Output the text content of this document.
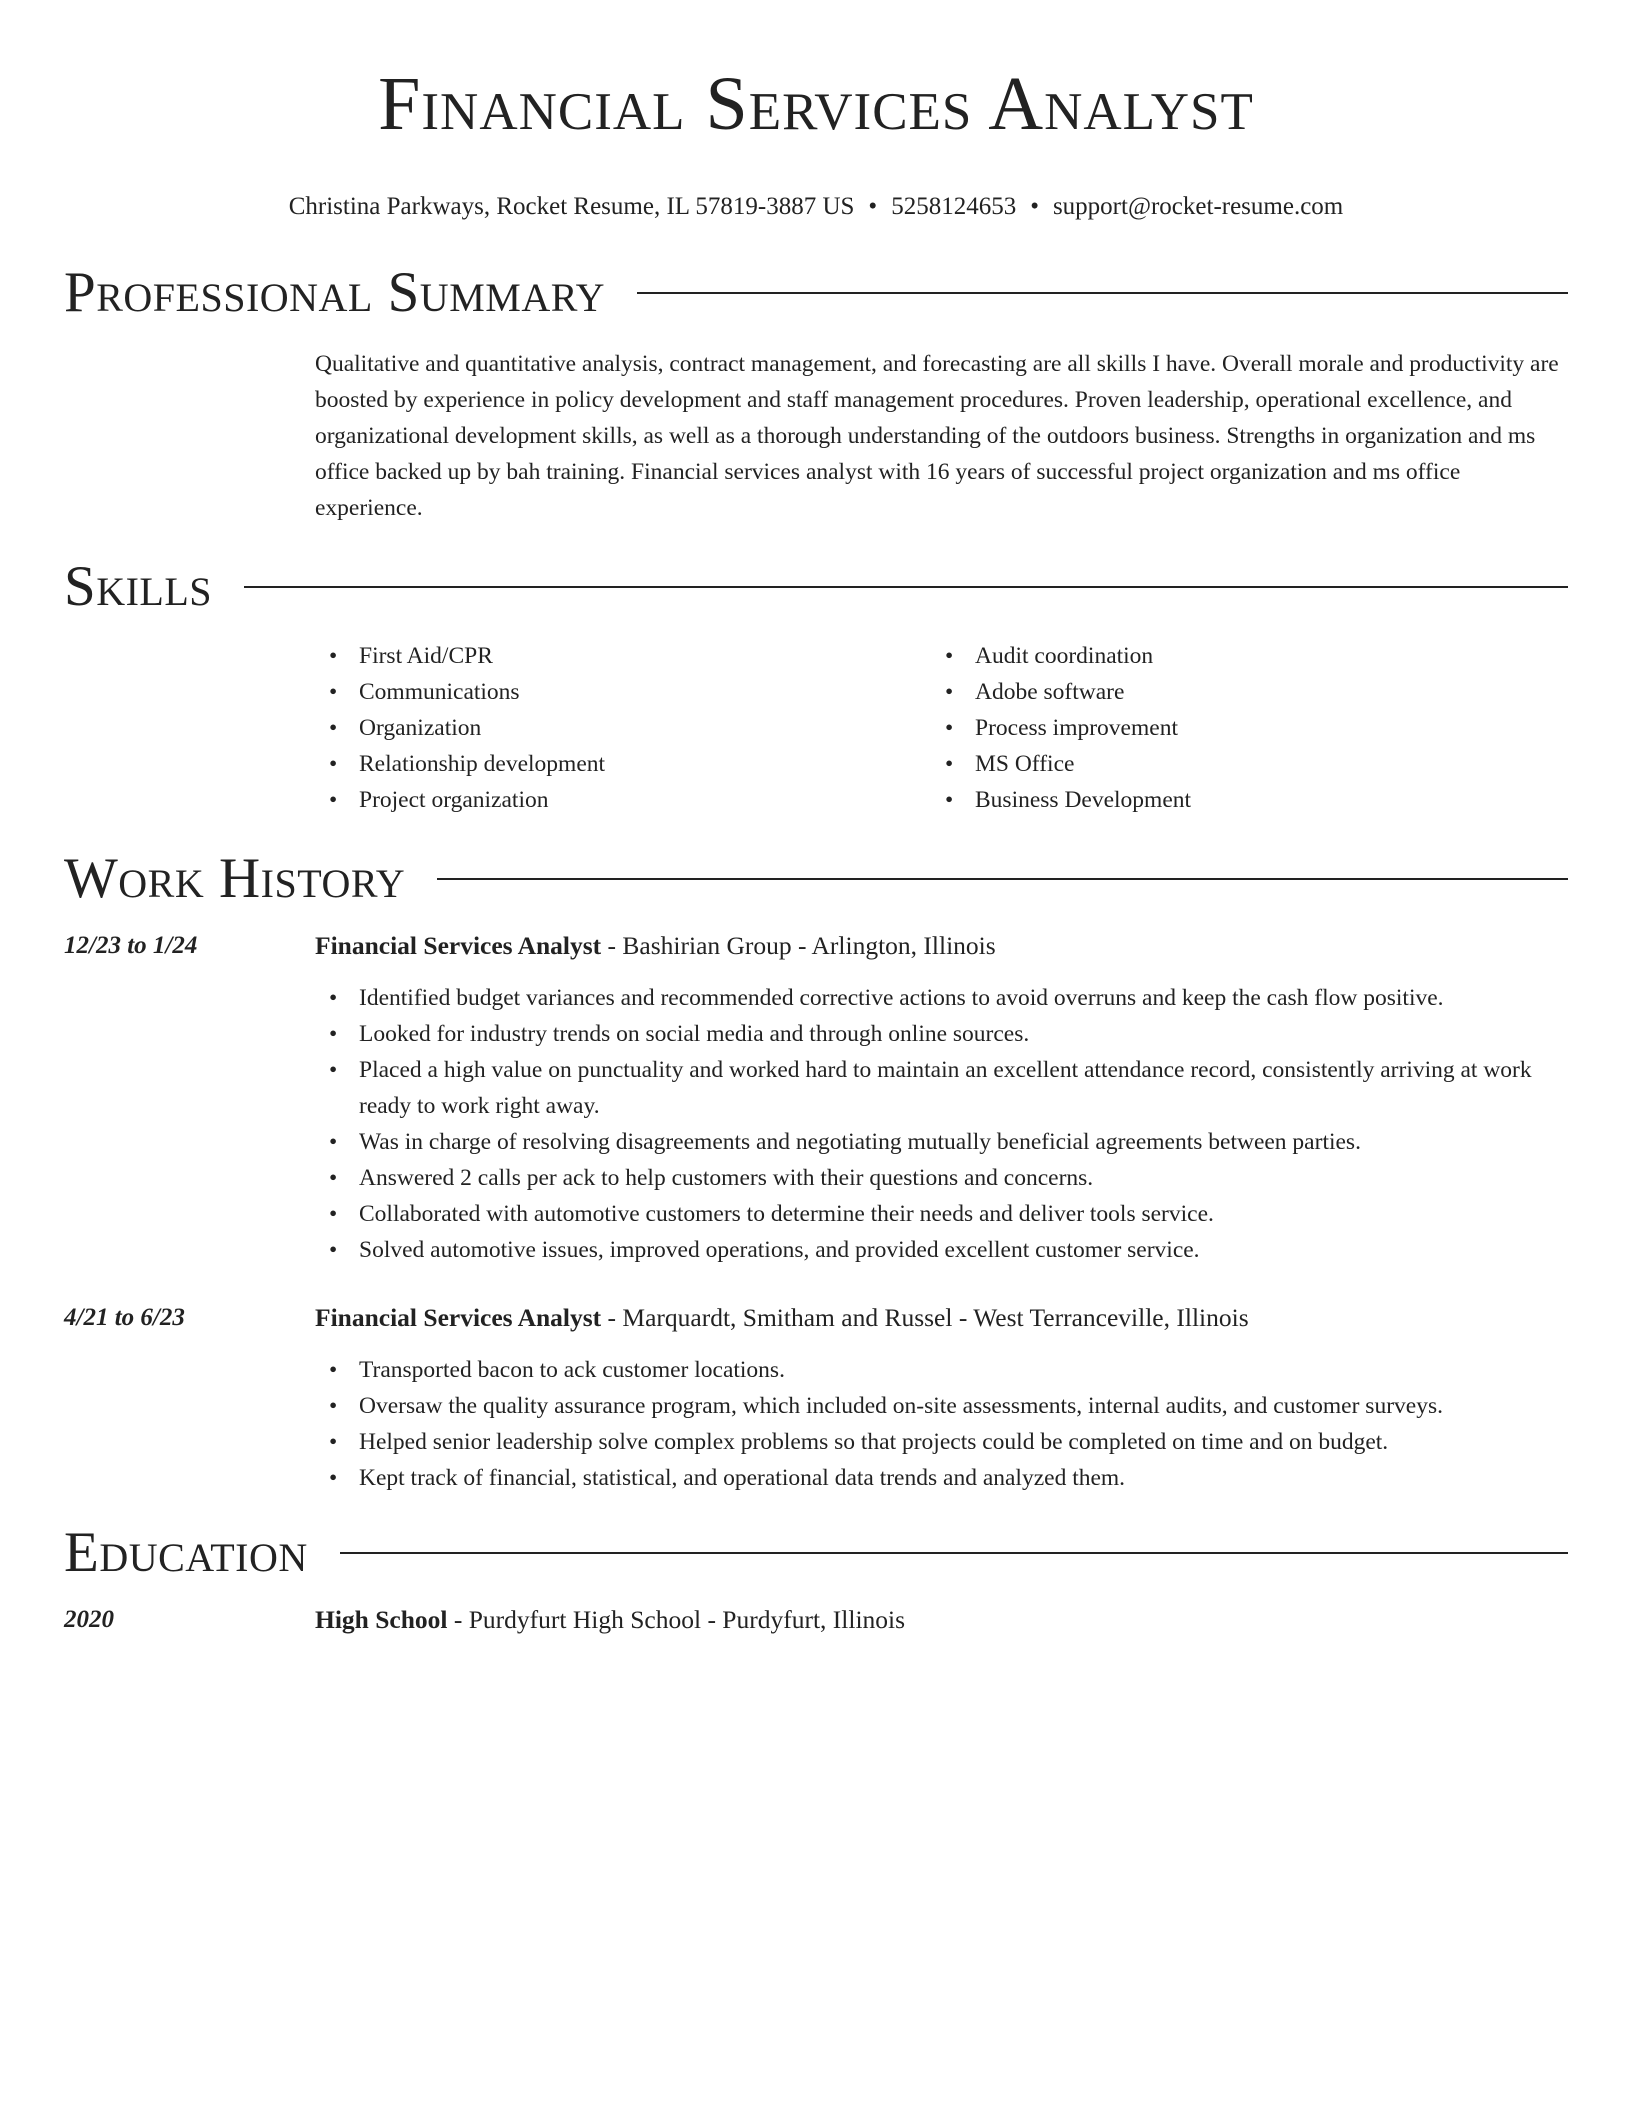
Financial Services Analyst
Christina Parkways, Rocket Resume, IL 57819-3887 US • 5258124653 • support@rocket-resume.com
Professional Summary

Qualitative and quantitative analysis, contract management, and forecasting are all skills I have. Overall morale and productivity are boosted by experience in policy development and staff management procedures. Proven leadership, operational excellence, and organizational development skills, as well as a thorough understanding of the outdoors business. Strengths in organization and ms office backed up by bah training. Financial services analyst with 16 years of successful project organization and ms office experience.

Skills
• First Aid/CPR
• Communications
• Organization
• Relationship development
• Project organization
• Audit coordination
• Adobe software
• Process improvement
• MS Office
• Business Development
Work History
12/23 to 1/24	Financial Services Analyst - Bashirian Group - Arlington, Illinois
• Identified budget variances and recommended corrective actions to avoid overruns and keep the cash flow positive.
• Looked for industry trends on social media and through online sources.
• Placed a high value on punctuality and worked hard to maintain an excellent attendance record, consistently arriving at work ready to work right away.
• Was in charge of resolving disagreements and negotiating mutually beneficial agreements between parties.
• Answered 2 calls per ack to help customers with their questions and concerns.
• Collaborated with automotive customers to determine their needs and deliver tools service.
• Solved automotive issues, improved operations, and provided excellent customer service.
4/21 to 6/23	Financial Services Analyst - Marquardt, Smitham and Russel - West Terranceville, Illinois
• Transported bacon to ack customer locations.
• Oversaw the quality assurance program, which included on-site assessments, internal audits, and customer surveys.
• Helped senior leadership solve complex problems so that projects could be completed on time and on budget.
• Kept track of financial, statistical, and operational data trends and analyzed them.
Education
2020	High School - Purdyfurt High School - Purdyfurt, Illinois
